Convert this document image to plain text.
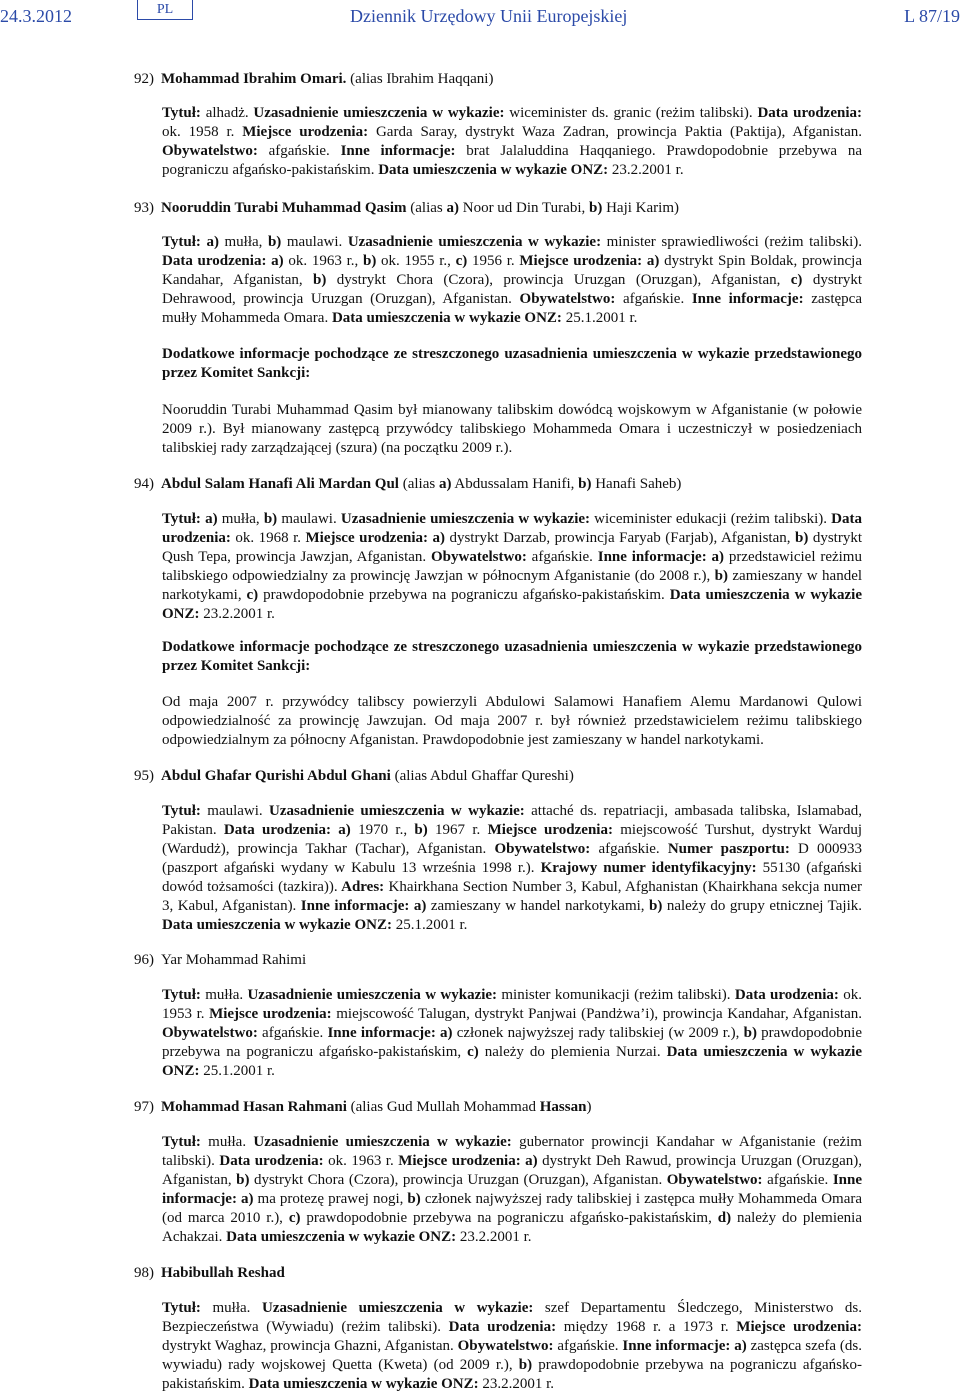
24.3.2012	PL	Dziennik Urzędowy Unii Europejskiej	L 87/19
92) Mohammad Ibrahim Omari. (alias Ibrahim Haqqani)
Tytuł: alhadż. Uzasadnienie umieszczenia w wykazie: wiceminister ds. granic (reżim talibski). Data urodzenia: ok. 1958 r. Miejsce urodzenia: Garda Saray, dystrykt Waza Zadran, prowincja Paktia (Paktija), Afganistan. Obywatelstwo: afgańskie. Inne informacje: brat Jalaluddina Haqqaniego. Prawdopodobnie przebywa na pograniczu afgańsko-pakistańskim. Data umieszczenia w wykazie ONZ: 23.2.2001 r.
93) Nooruddin Turabi Muhammad Qasim (alias a) Noor ud Din Turabi, b) Haji Karim)
Tytuł: a) mułła, b) maulawi. Uzasadnienie umieszczenia w wykazie: minister sprawiedliwości (reżim talibski). Data urodzenia: a) ok. 1963 r., b) ok. 1955 r., c) 1956 r. Miejsce urodzenia: a) dystrykt Spin Boldak, prowincja Kandahar, Afganistan, b) dystrykt Chora (Czora), prowincja Uruzgan (Oruzgan), Afganistan, c) dystrykt Dehrawood, prowincja Uruzgan (Oruzgan), Afganistan. Obywatelstwo: afgańskie. Inne informacje: zastępca mułły Mohammeda Omara. Data umieszczenia w wykazie ONZ: 25.1.2001 r.
Dodatkowe informacje pochodzące ze streszczonego uzasadnienia umieszczenia w wykazie przedstawionego przez Komitet Sankcji:
Nooruddin Turabi Muhammad Qasim był mianowany talibskim dowódcą wojskowym w Afganistanie (w połowie 2009 r.). Był mianowany zastępcą przywódcy talibskiego Mohammeda Omara i uczestniczył w posiedzeniach talibskiej rady zarządzającej (szura) (na początku 2009 r.).
94) Abdul Salam Hanafi Ali Mardan Qul (alias a) Abdussalam Hanifi, b) Hanafi Saheb)
Tytuł: a) mułła, b) maulawi. Uzasadnienie umieszczenia w wykazie: wiceminister edukacji (reżim talibski). Data urodzenia: ok. 1968 r. Miejsce urodzenia: a) dystrykt Darzab, prowincja Faryab (Farjab), Afganistan, b) dystrykt Qush Tepa, prowincja Jawzjan, Afganistan. Obywatelstwo: afgańskie. Inne informacje: a) przedstawiciel reżimu talibskiego odpowiedzialny za prowincję Jawzjan w północnym Afganistanie (do 2008 r.), b) zamieszany w handel narkotykami, c) prawdopodobnie przebywa na pograniczu afgańsko-pakistańskim. Data umieszczenia w wykazie ONZ: 23.2.2001 r.
Dodatkowe informacje pochodzące ze streszczonego uzasadnienia umieszczenia w wykazie przedstawionego przez Komitet Sankcji:
Od maja 2007 r. przywódcy talibscy powierzyli Abdulowi Salamowi Hanafiem Alemu Mardanowi Qulowi odpowiedzialność za prowincję Jawzujan. Od maja 2007 r. był również przedstawicielem reżimu talibskiego odpowiedzialnym za północny Afganistan. Prawdopodobnie jest zamieszany w handel narkotykami.
95) Abdul Ghafar Qurishi Abdul Ghani (alias Abdul Ghaffar Qureshi)
Tytuł: maulawi. Uzasadnienie umieszczenia w wykazie: attaché ds. repatriacji, ambasada talibska, Islamabad, Pakistan. Data urodzenia: a) 1970 r., b) 1967 r. Miejsce urodzenia: miejscowość Turshut, dystrykt Warduj (Wardudż), prowincja Takhar (Tachar), Afganistan. Obywatelstwo: afgańskie. Numer paszportu: D 000933 (paszport afgański wydany w Kabulu 13 września 1998 r.). Krajowy numer identyfikacyjny: 55130 (afgański dowód tożsamości (tazkira)). Adres: Khairkhana Section Number 3, Kabul, Afghanistan (Khairkhana sekcja numer 3, Kabul, Afganistan). Inne informacje: a) zamieszany w handel narkotykami, b) należy do grupy etnicznej Tajik. Data umieszczenia w wykazie ONZ: 25.1.2001 r.
96) Yar Mohammad Rahimi
Tytuł: mułła. Uzasadnienie umieszczenia w wykazie: minister komunikacji (reżim talibski). Data urodzenia: ok. 1953 r. Miejsce urodzenia: miejscowość Talugan, dystrykt Panjwai (Pandżwa’i), prowincja Kandahar, Afganistan. Obywatelstwo: afgańskie. Inne informacje: a) członek najwyższej rady talibskiej (w 2009 r.), b) prawdopodobnie przebywa na pograniczu afgańsko-pakistańskim, c) należy do plemienia Nurzai. Data umieszczenia w wykazie ONZ: 25.1.2001 r.
97) Mohammad Hasan Rahmani (alias Gud Mullah Mohammad Hassan)
Tytuł: mułła. Uzasadnienie umieszczenia w wykazie: gubernator prowincji Kandahar w Afganistanie (reżim talibski). Data urodzenia: ok. 1963 r. Miejsce urodzenia: a) dystrykt Deh Rawud, prowincja Uruzgan (Oruzgan), Afganistan, b) dystrykt Chora (Czora), prowincja Uruzgan (Oruzgan), Afganistan. Obywatelstwo: afgańskie. Inne informacje: a) ma protezę prawej nogi, b) członek najwyższej rady talibskiej i zastępca mułły Mohammeda Omara (od marca 2010 r.), c) prawdopodobnie przebywa na pograniczu afgańsko-pakistańskim, d) należy do plemienia Achakzai. Data umieszczenia w wykazie ONZ: 23.2.2001 r.
98) Habibullah Reshad
Tytuł: mułła. Uzasadnienie umieszczenia w wykazie: szef Departamentu Śledczego, Ministerstwo ds. Bezpieczeństwa (Wywiadu) (reżim talibski). Data urodzenia: między 1968 r. a 1973 r. Miejsce urodzenia: dystrykt Waghaz, prowincja Ghazni, Afganistan. Obywatelstwo: afgańskie. Inne informacje: a) zastępca szefa (ds. wywiadu) rady wojskowej Quetta (Kweta) (od 2009 r.), b) prawdopodobnie przebywa na pograniczu afgańsko-pakistańskim. Data umieszczenia w wykazie ONZ: 23.2.2001 r.
